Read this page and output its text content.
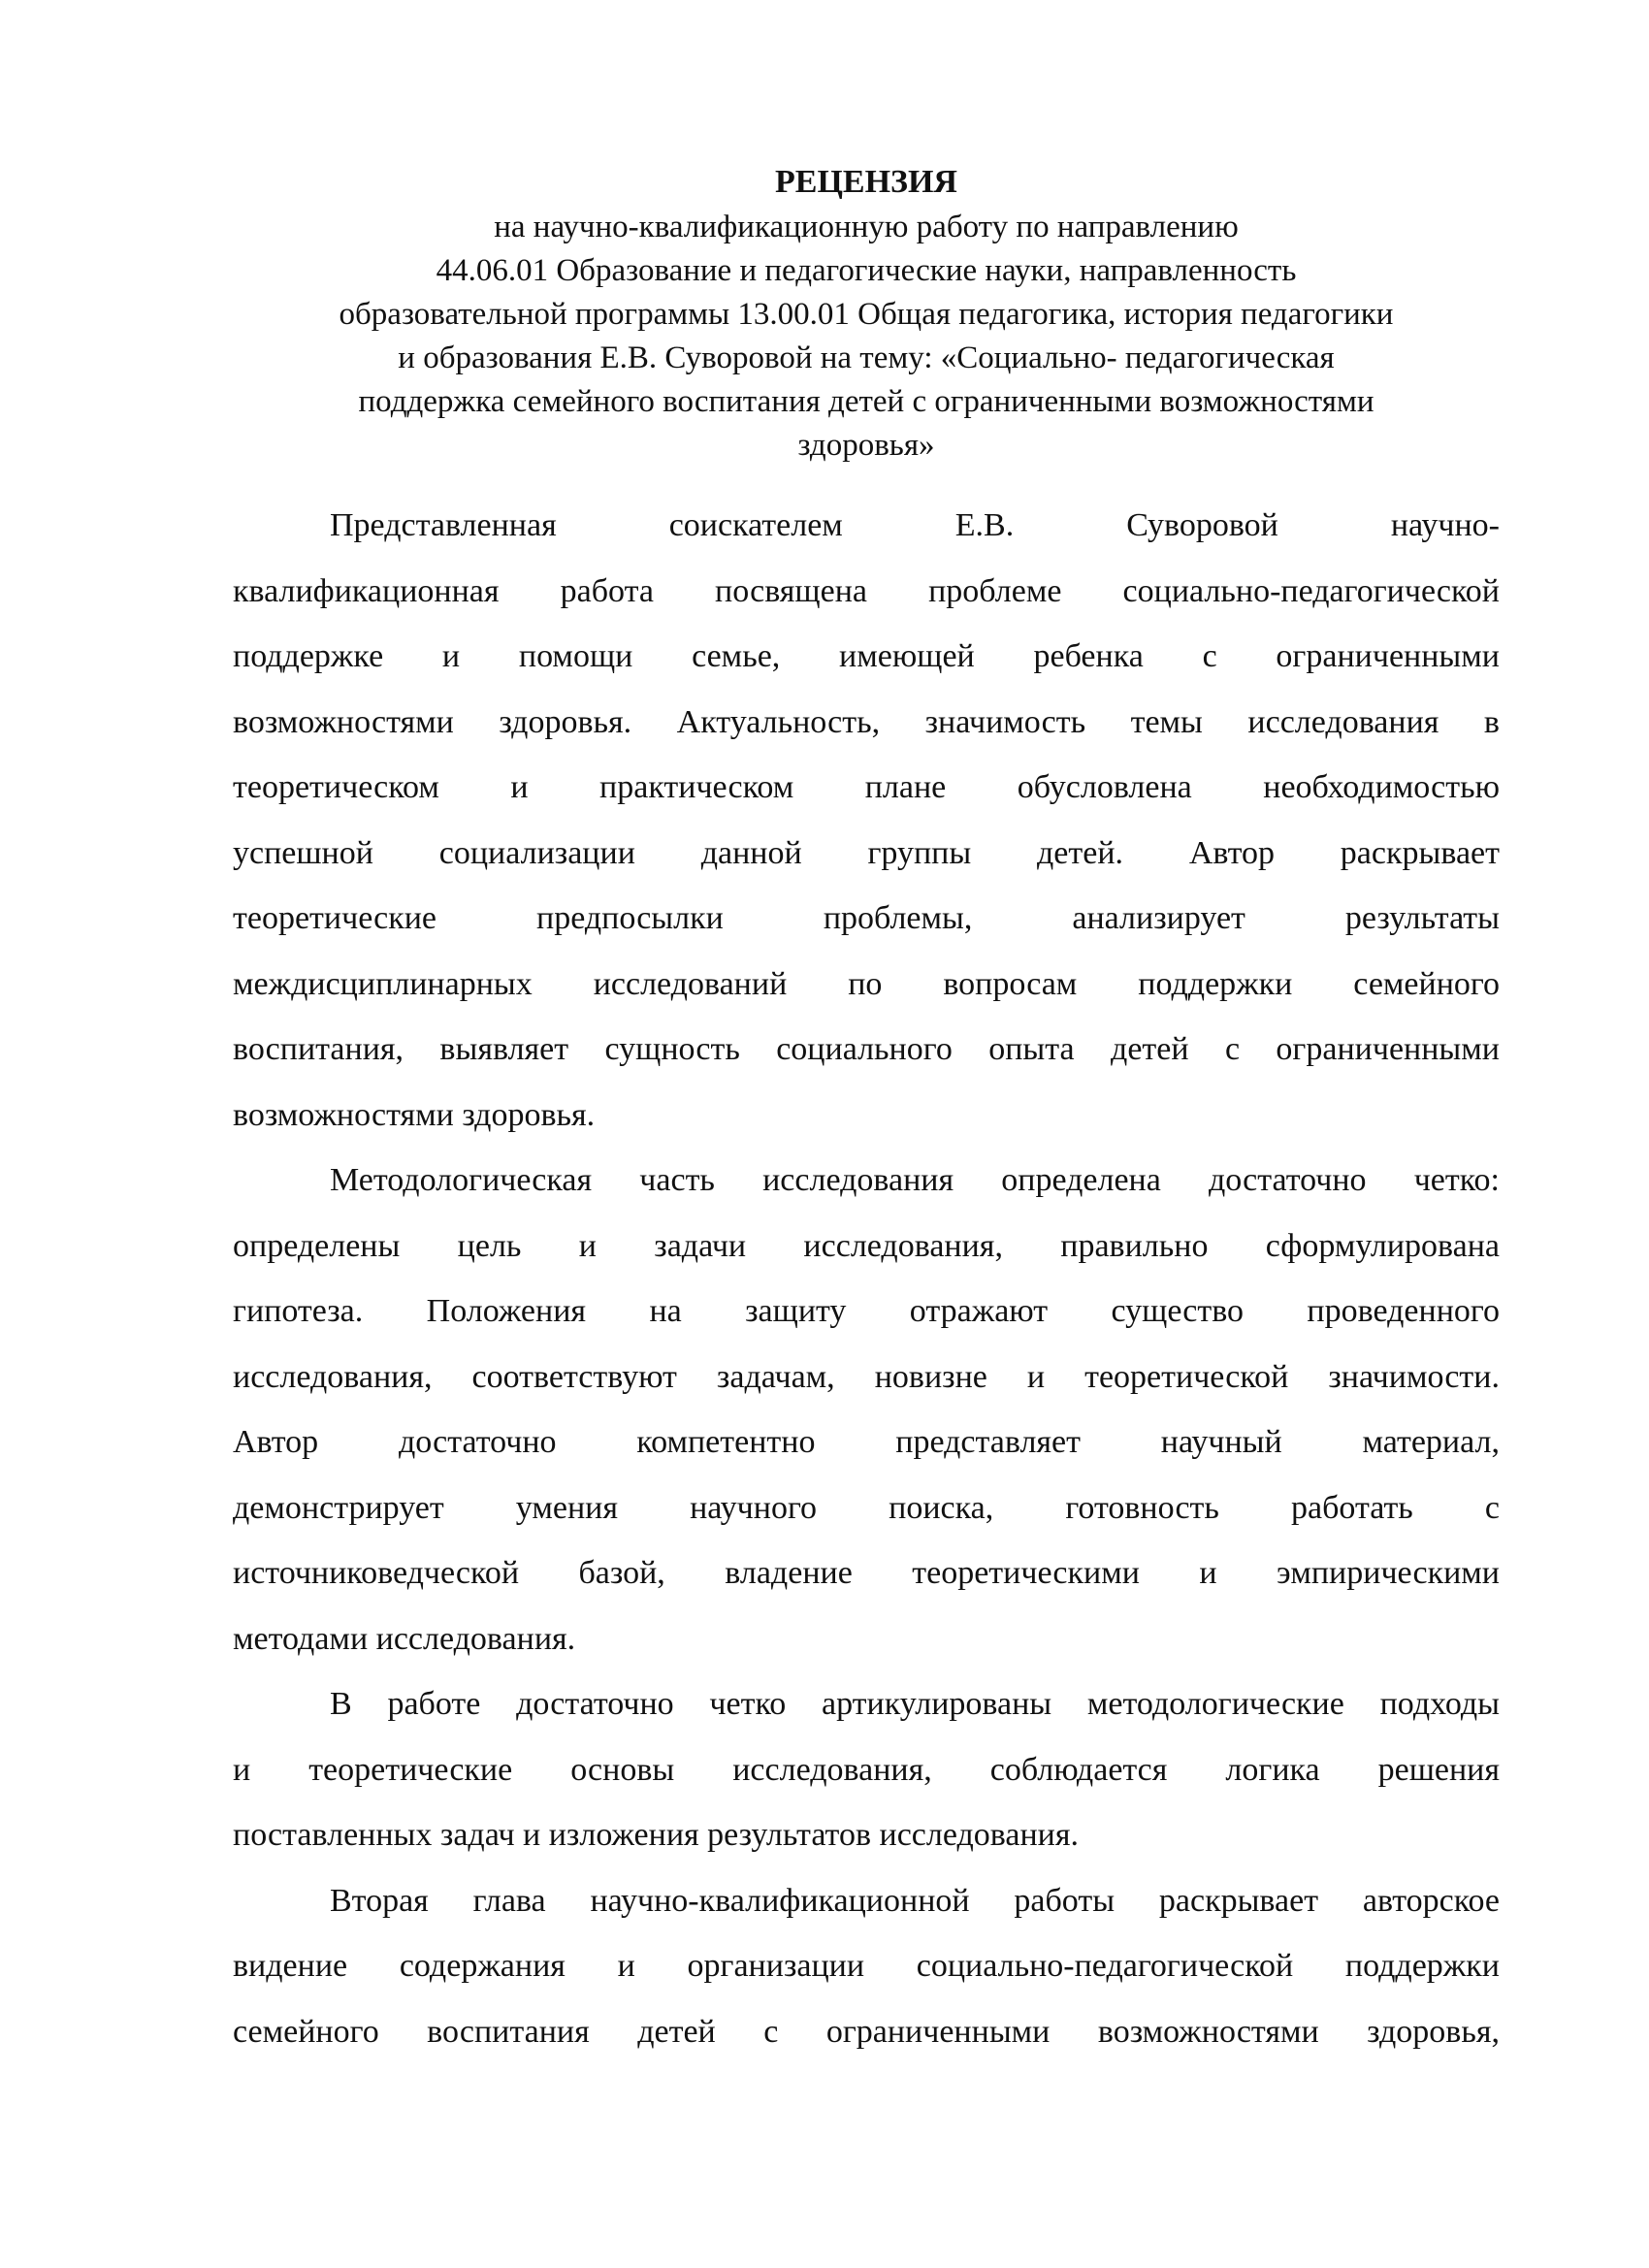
РЕЦЕНЗИЯ
на научно-квалификационную работу по направлению
44.06.01 Образование и педагогические науки, направленность
образовательной программы 13.00.01 Общая педагогика, история педагогики
и образования Е.В. Суворовой на тему: «Социально- педагогическая
поддержка семейного воспитания детей с ограниченными возможностями
здоровья»
Представленная соискателем Е.В. Суворовой научно-
квалификационная работа посвящена проблеме социально-педагогической
поддержке и помощи семье, имеющей ребенка с ограниченными
возможностями здоровья. Актуальность, значимость темы исследования в
теоретическом и практическом плане обусловлена необходимостью
успешной социализации данной группы детей. Автор раскрывает
теоретические предпосылки проблемы, анализирует результаты
междисциплинарных исследований по вопросам поддержки семейного
воспитания, выявляет сущность социального опыта детей с ограниченными
возможностями здоровья.
Методологическая часть исследования определена достаточно четко:
определены цель и задачи исследования, правильно сформулирована
гипотеза. Положения на защиту отражают существо проведенного
исследования, соответствуют задачам, новизне и теоретической значимости.
Автор достаточно компетентно представляет научный материал,
демонстрирует умения научного поиска, готовность работать с
источниковедческой базой, владение теоретическими и эмпирическими
методами исследования.
В работе достаточно четко артикулированы методологические подходы
и теоретические основы исследования, соблюдается логика решения
поставленных задач и изложения результатов исследования.
Вторая глава научно-квалификационной работы раскрывает авторское
видение содержания и организации социально-педагогической поддержки
семейного воспитания детей с ограниченными возможностями здоровья,
